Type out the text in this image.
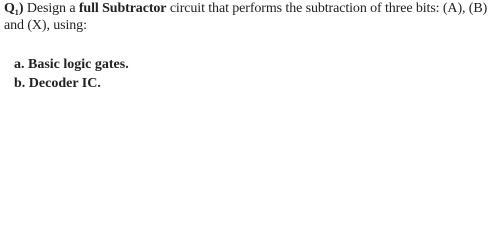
Q₁) Design a full Subtractor circuit that performs the subtraction of three bits: (A), (B) and (X), using:
a. Basic logic gates.
b. Decoder IC.
